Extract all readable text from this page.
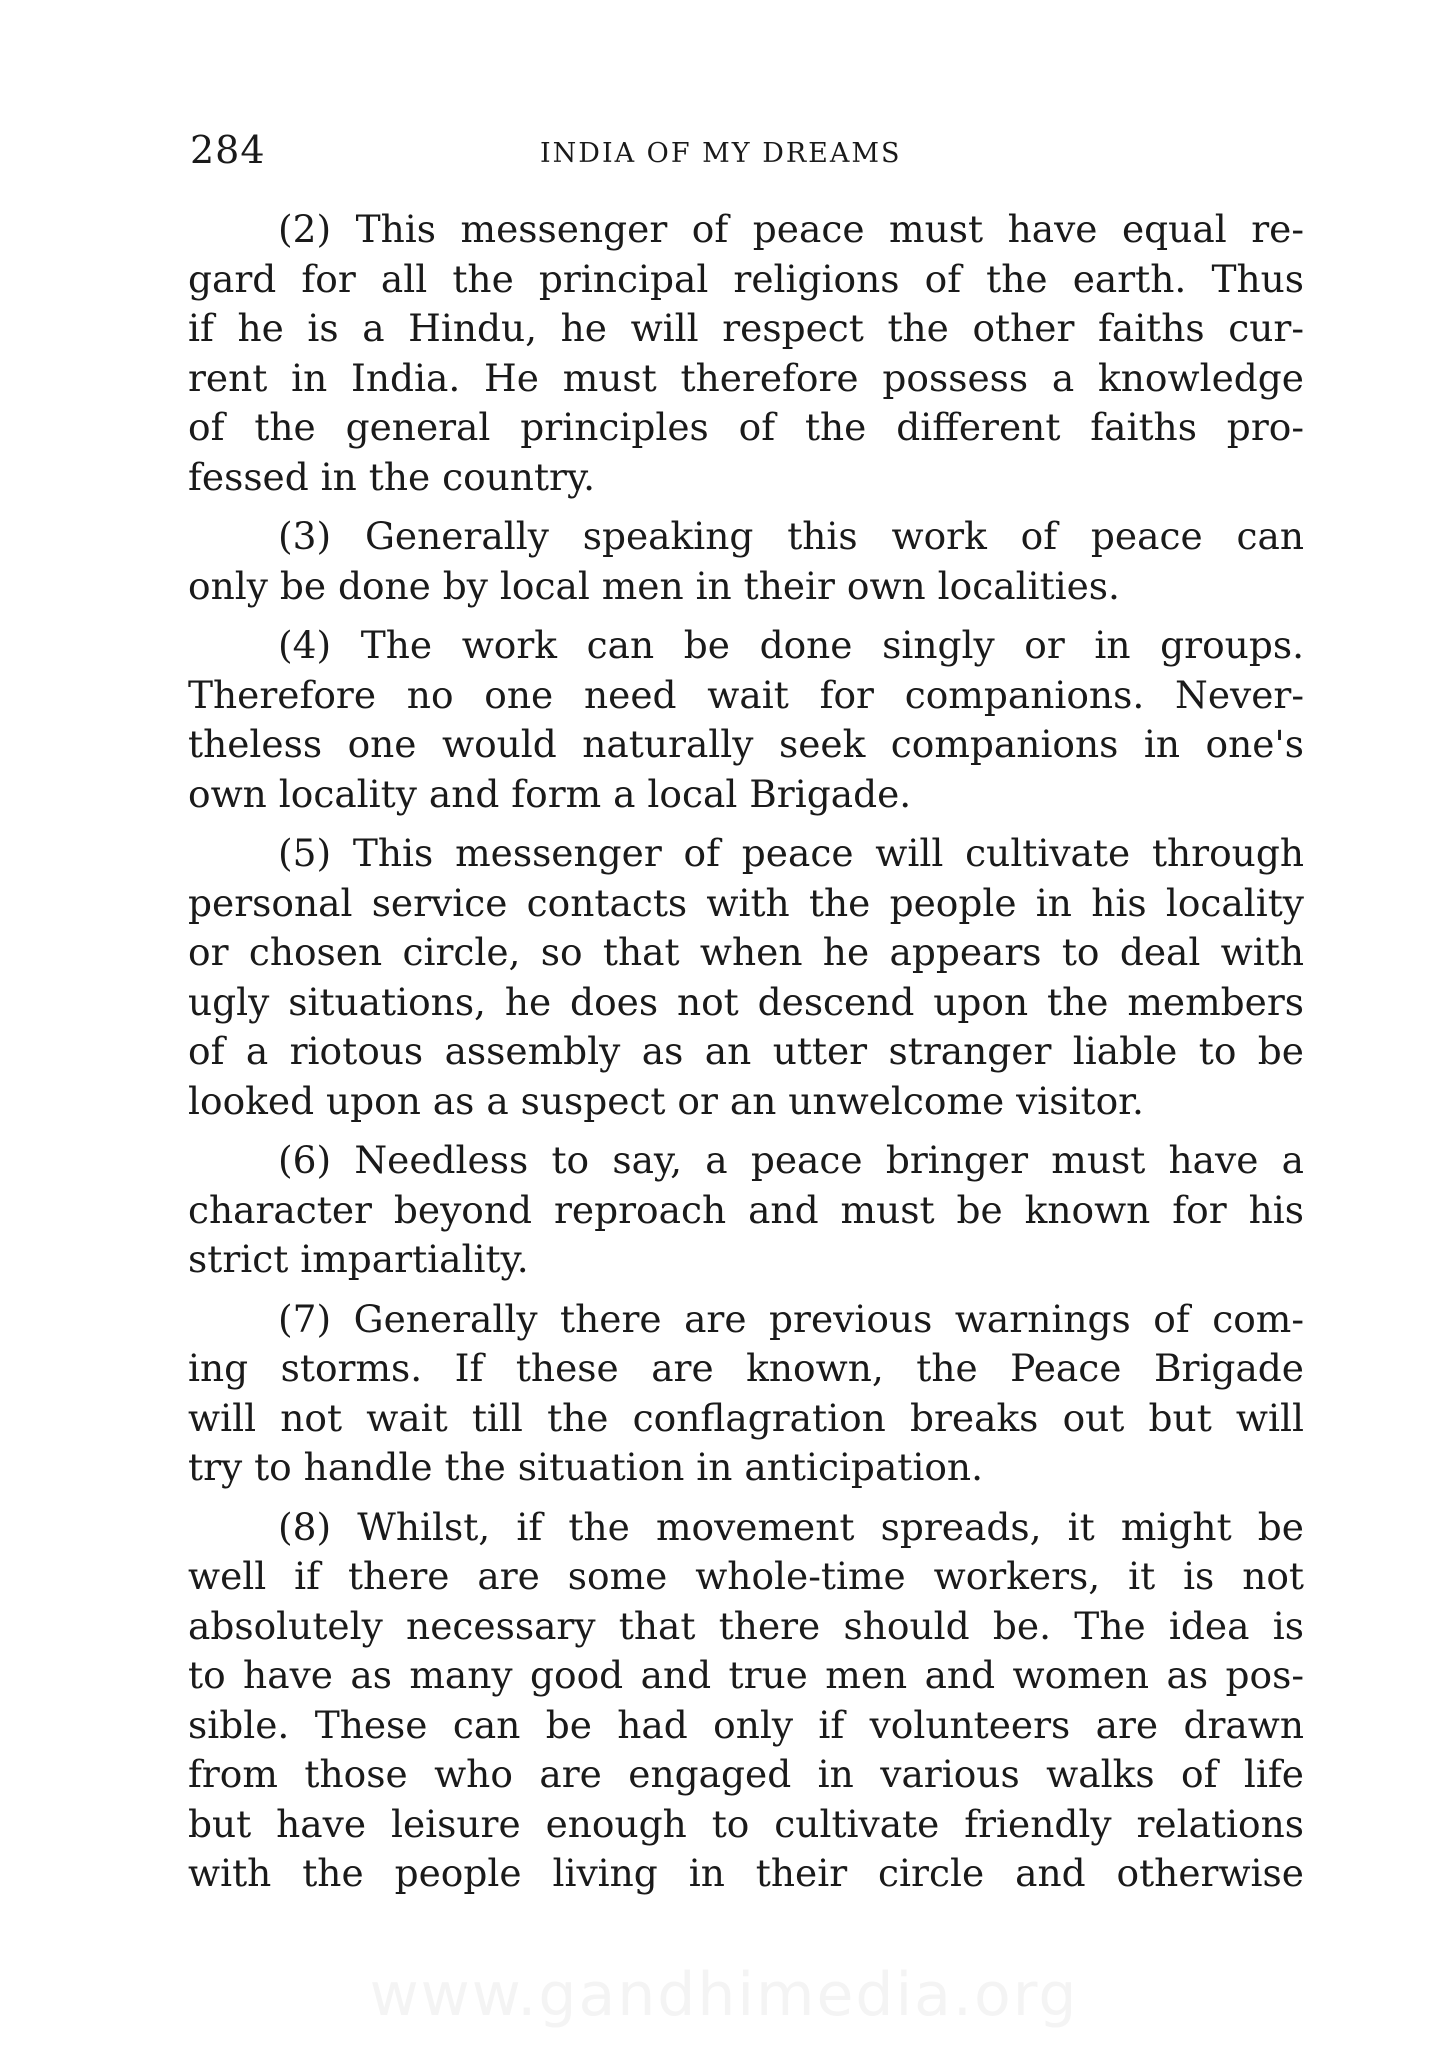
284	INDIA OF MY DREAMS
(2) This messenger of peace must have equal re-
gard for all the principal religions of the earth. Thus
if he is a Hindu, he will respect the other faiths cur-
rent in India. He must therefore possess a knowledge
of the general principles of the different faiths pro-
fessed in the country.
(3) Generally speaking this work of peace can
only be done by local men in their own localities.
(4) The work can be done singly or in groups.
Therefore no one need wait for companions. Never-
theless one would naturally seek companions in one's
own locality and form a local Brigade.
(5) This messenger of peace will cultivate through
personal service contacts with the people in his locality
or chosen circle, so that when he appears to deal with
ugly situations, he does not descend upon the members
of a riotous assembly as an utter stranger liable to be
looked upon as a suspect or an unwelcome visitor.
(6) Needless to say, a peace bringer must have a
character beyond reproach and must be known for his
strict impartiality.
(7) Generally there are previous warnings of com-
ing storms. If these are known, the Peace Brigade
will not wait till the conflagration breaks out but will
try to handle the situation in anticipation.
(8) Whilst, if the movement spreads, it might be
well if there are some whole-time workers, it is not
absolutely necessary that there should be. The idea is
to have as many good and true men and women as pos-
sible. These can be had only if volunteers are drawn
from those who are engaged in various walks of life
but have leisure enough to cultivate friendly relations
with the people living in their circle and otherwise
www.gandhimedia.org
